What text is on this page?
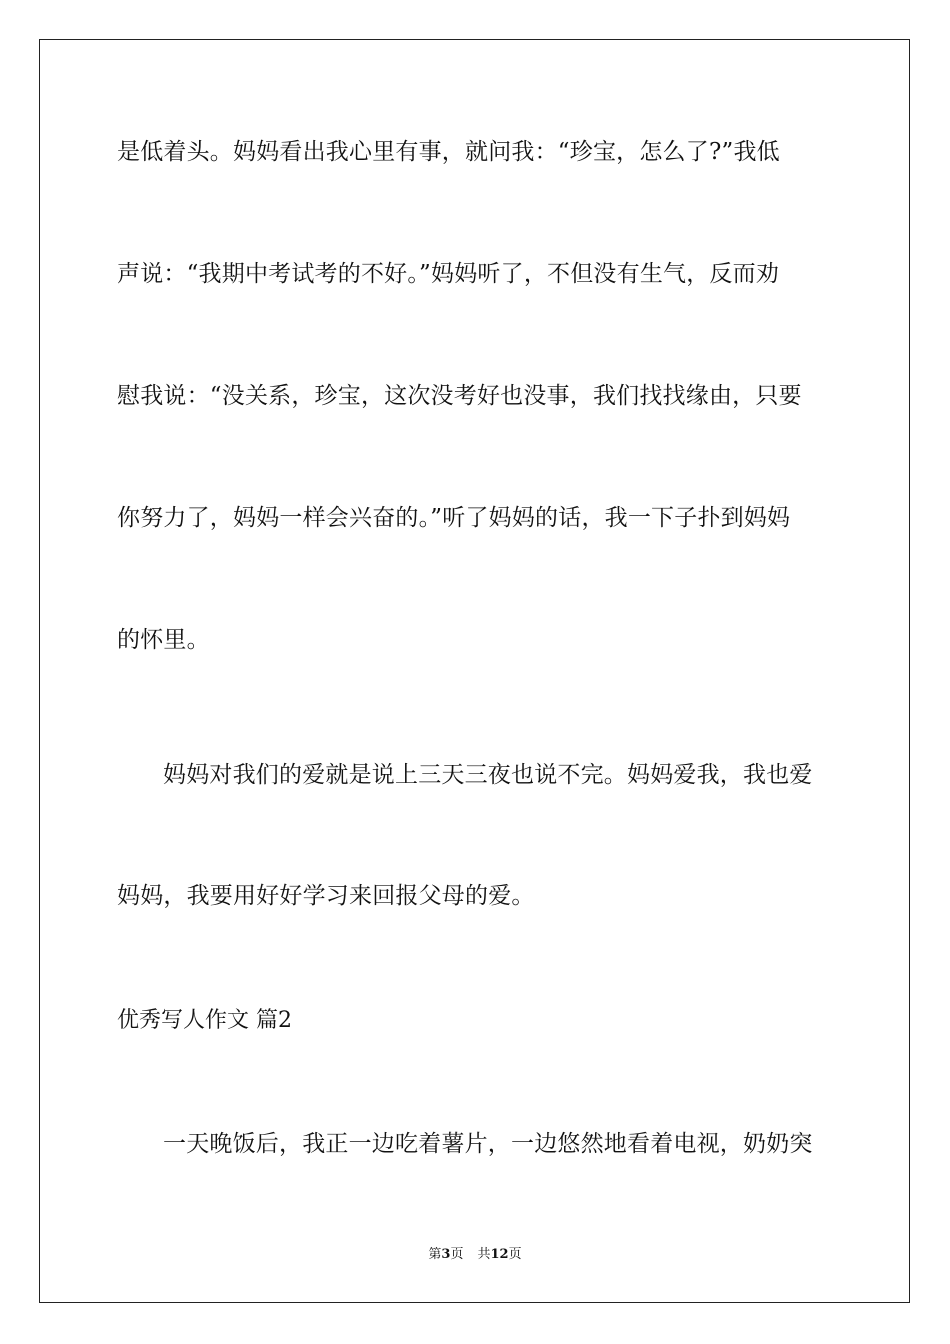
是低着头。妈妈看出我心里有事，就问我：“珍宝，怎么了?”我低
声说：“我期中考试考的不好。”妈妈听了，不但没有生气，反而劝
慰我说：“没关系，珍宝，这次没考好也没事，我们找找缘由，只要
你努力了，妈妈一样会兴奋的。”听了妈妈的话，我一下子扑到妈妈
的怀里。
妈妈对我们的爱就是说上三天三夜也说不完。妈妈爱我，我也爱
妈妈，我要用好好学习来回报父母的爱。
优秀写人作文 篇2
一天晚饭后，我正一边吃着薯片，一边悠然地看着电视，奶奶突
第3页 共12页
